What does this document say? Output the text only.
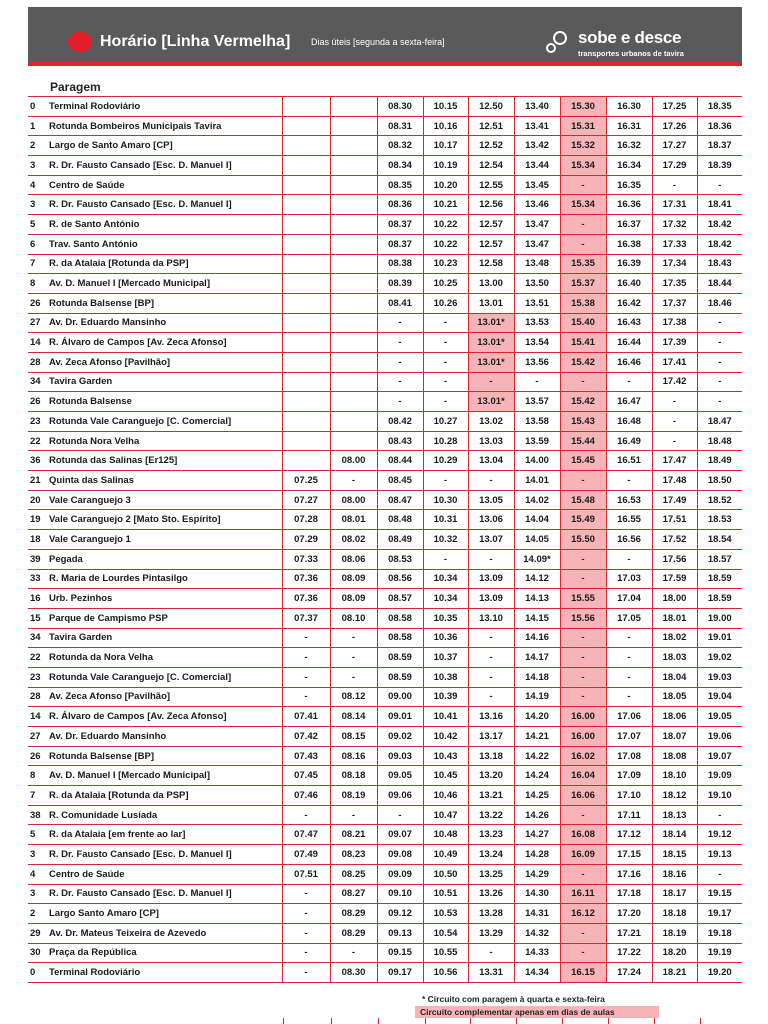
Horário [Linha Vermelha] Dias úteis [segunda a sexta-feira]	sobe e desce
transportes urbanos de tavira
Paragem
0	Terminal Rodoviário			08.30	10.15	12.50	13.40	15.30	16.30	17.25	18.35
1	Rotunda Bombeiros Municipais Tavira			08.31	10.16	12.51	13.41	15.31	16.31	17.26	18.36
2	Largo de Santo Amaro [CP]			08.32	10.17	12.52	13.42	15.32	16.32	17.27	18.37
3	R. Dr. Fausto Cansado [Esc. D. Manuel I]			08.34	10.19	12.54	13.44	15.34	16.34	17.29	18.39
4	Centro de Saúde			08.35	10.20	12.55	13.45	-	16.35	-	-
3	R. Dr. Fausto Cansado [Esc. D. Manuel I]			08.36	10.21	12.56	13.46	15.34	16.36	17.31	18.41
5	R. de Santo António			08.37	10.22	12.57	13.47	-	16.37	17.32	18.42
6	Trav. Santo António			08.37	10.22	12.57	13.47	-	16.38	17.33	18.42
7	R. da Atalaia [Rotunda da PSP]			08.38	10.23	12.58	13.48	15.35	16.39	17.34	18.43
8	Av. D. Manuel I [Mercado Municipal]			08.39	10.25	13.00	13.50	15.37	16.40	17.35	18.44
26	Rotunda Balsense [BP]			08.41	10.26	13.01	13.51	15.38	16.42	17.37	18.46
27	Av. Dr. Eduardo Mansinho			-	-	13.01*	13.53	15.40	16.43	17.38	-
14	R. Álvaro de Campos [Av. Zeca Afonso]			-	-	13.01*	13.54	15.41	16.44	17.39	-
28	Av. Zeca Afonso [Pavilhão]			-	-	13.01*	13.56	15.42	16.46	17.41	-
34	Tavira Garden			-	-	-	-	-	-	17.42	-
26	Rotunda Balsense			-	-	13.01*	13.57	15.42	16.47	-	-
23	Rotunda Vale Caranguejo [C. Comercial]			08.42	10.27	13.02	13.58	15.43	16.48	-	18.47
22	Rotunda Nora Velha			08.43	10.28	13.03	13.59	15.44	16.49	-	18.48
36	Rotunda das Salinas [Er125]		08.00	08.44	10.29	13.04	14.00	15.45	16.51	17.47	18.49
21	Quinta das Salinas	07.25	-	08.45	-	-	14.01	-	-	17.48	18.50
20	Vale Caranguejo 3	07.27	08.00	08.47	10.30	13.05	14.02	15.48	16.53	17.49	18.52
19	Vale Caranguejo 2 [Mato Sto. Espírito]	07.28	08.01	08.48	10.31	13.06	14.04	15.49	16.55	17.51	18.53
18	Vale Caranguejo 1	07.29	08.02	08.49	10.32	13.07	14.05	15.50	16.56	17.52	18.54
39	Pegada	07.33	08.06	08.53	-	-	14.09*	-	-	17.56	18.57
33	R. Maria de Lourdes Pintasilgo	07.36	08.09	08.56	10.34	13.09	14.12	-	17.03	17.59	18.59
16	Urb. Pezinhos	07.36	08.09	08.57	10.34	13.09	14.13	15.55	17.04	18.00	18.59
15	Parque de Campismo PSP	07.37	08.10	08.58	10.35	13.10	14.15	15.56	17.05	18.01	19.00
34	Tavira Garden	-	-	08.58	10.36	-	14.16	-	-	18.02	19.01
22	Rotunda da Nora Velha	-	-	08.59	10.37	-	14.17	-	-	18.03	19.02
23	Rotunda Vale Caranguejo [C. Comercial]	-	-	08.59	10.38	-	14.18	-	-	18.04	19.03
28	Av. Zeca Afonso [Pavilhão]	-	08.12	09.00	10.39	-	14.19	-	-	18.05	19.04
14	R. Álvaro de Campos [Av. Zeca Afonso]	07.41	08.14	09.01	10.41	13.16	14.20	16.00	17.06	18.06	19.05
27	Av. Dr. Eduardo Mansinho	07.42	08.15	09.02	10.42	13.17	14.21	16.00	17.07	18.07	19.06
26	Rotunda Balsense [BP]	07.43	08.16	09.03	10.43	13.18	14.22	16.02	17.08	18.08	19.07
8	Av. D. Manuel I [Mercado Municipal]	07.45	08.18	09.05	10.45	13.20	14.24	16.04	17.09	18.10	19.09
7	R. da Atalaia [Rotunda da PSP]	07.46	08.19	09.06	10.46	13.21	14.25	16.06	17.10	18.12	19.10
38	R. Comunidade Lusíada	-	-	-	10.47	13.22	14.26	-	17.11	18.13	-
5	R. da Atalaia [em frente ao lar]	07.47	08.21	09.07	10.48	13.23	14.27	16.08	17.12	18.14	19.12
3	R. Dr. Fausto Cansado [Esc. D. Manuel I]	07.49	08.23	09.08	10.49	13.24	14.28	16.09	17.15	18.15	19.13
4	Centro de Saúde	07.51	08.25	09.09	10.50	13.25	14.29	-	17.16	18.16	-
3	R. Dr. Fausto Cansado [Esc. D. Manuel I]	-	08.27	09.10	10.51	13.26	14.30	16.11	17.18	18.17	19.15
2	Largo Santo Amaro [CP]	-	08.29	09.12	10.53	13.28	14.31	16.12	17.20	18.18	19.17
29	Av. Dr. Mateus Teixeira de Azevedo	-	08.29	09.13	10.54	13.29	14.32	-	17.21	18.19	19.18
30	Praça da República	-	-	09.15	10.55	-	14.33	-	17.22	18.20	19.19
0	Terminal Rodoviário	-	08.30	09.17	10.56	13.31	14.34	16.15	17.24	18.21	19.20
* Circuito com paragem à quarta e sexta-feira
Circuito complementar apenas em dias de aulas
